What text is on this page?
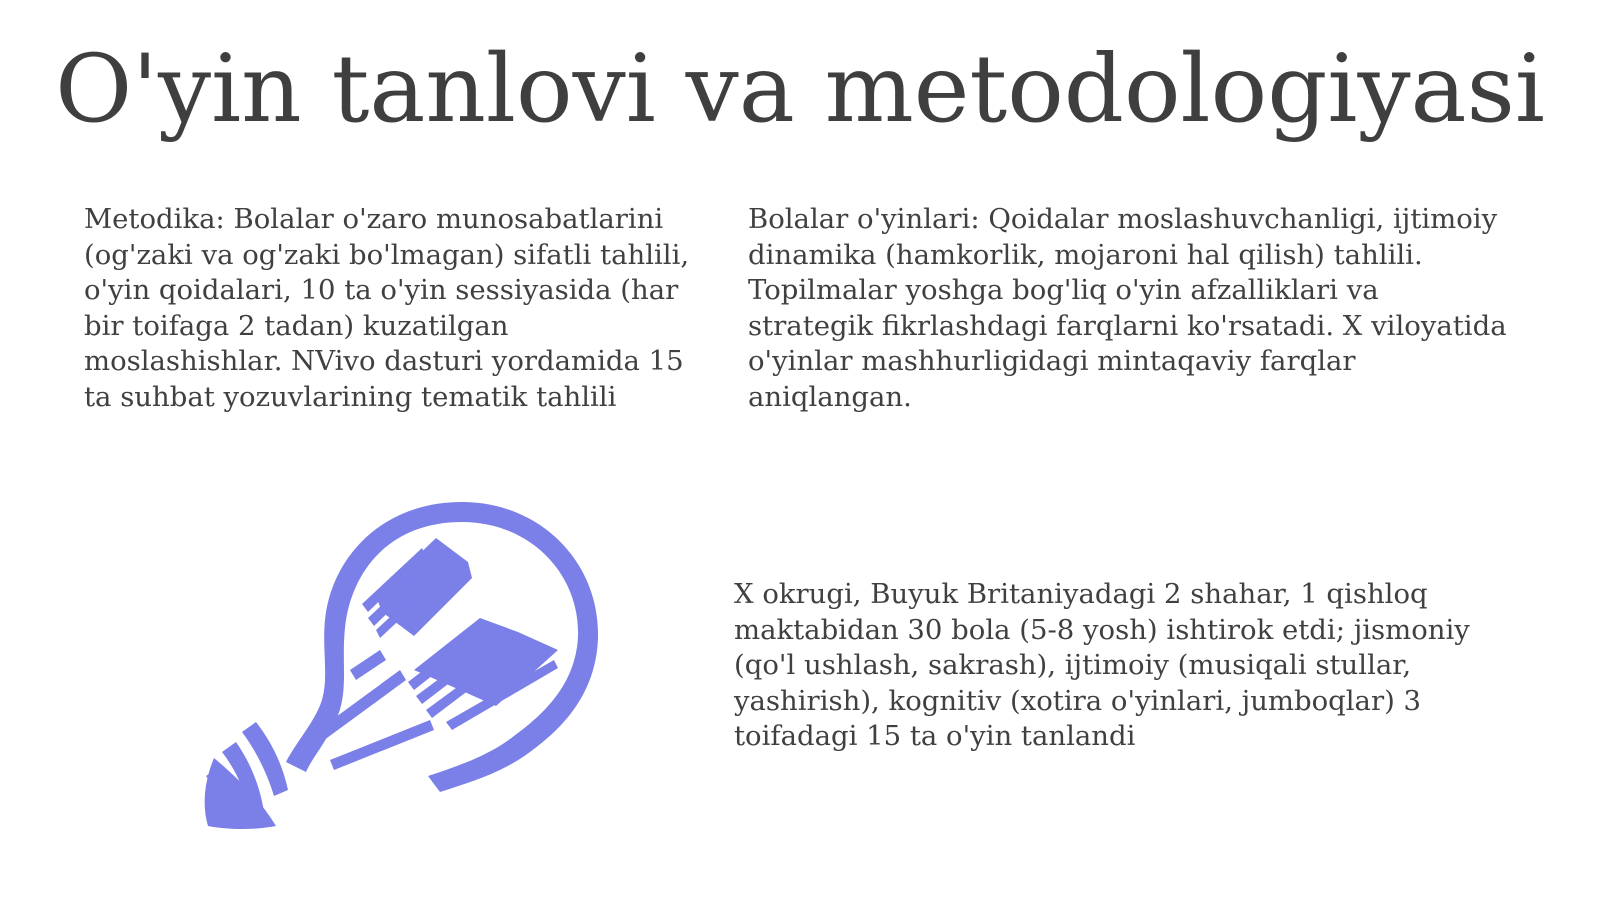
O'yin tanlovi va metodologiyasi
Metodika: Bolalar o'zaro munosabatlarini (og'zaki va og'zaki bo'lmagan) sifatli tahlili, o'yin qoidalari, 10 ta o'yin sessiyasida (har bir toifaga 2 tadan) kuzatilgan moslashishlar. NVivo dasturi yordamida 15 ta suhbat yozuvlarining tematik tahlili
Bolalar o'yinlari: Qoidalar moslashuvchanligi, ijtimoiy dinamika (hamkorlik, mojaroni hal qilish) tahlili. Topilmalar yoshga bog'liq o'yin afzalliklari va strategik fikrlashdagi farqlarni ko'rsatadi. X viloyatida o'yinlar mashhurligidagi mintaqaviy farqlar aniqlangan.
X okrugi, Buyuk Britaniyadagi 2 shahar, 1 qishloq maktabidan 30 bola (5-8 yosh) ishtirok etdi; jismoniy (qo'l ushlash, sakrash), ijtimoiy (musiqali stullar, yashirish), kognitiv (xotira o'yinlari, jumboqlar) 3 toifadagi 15 ta o'yin tanlandi
